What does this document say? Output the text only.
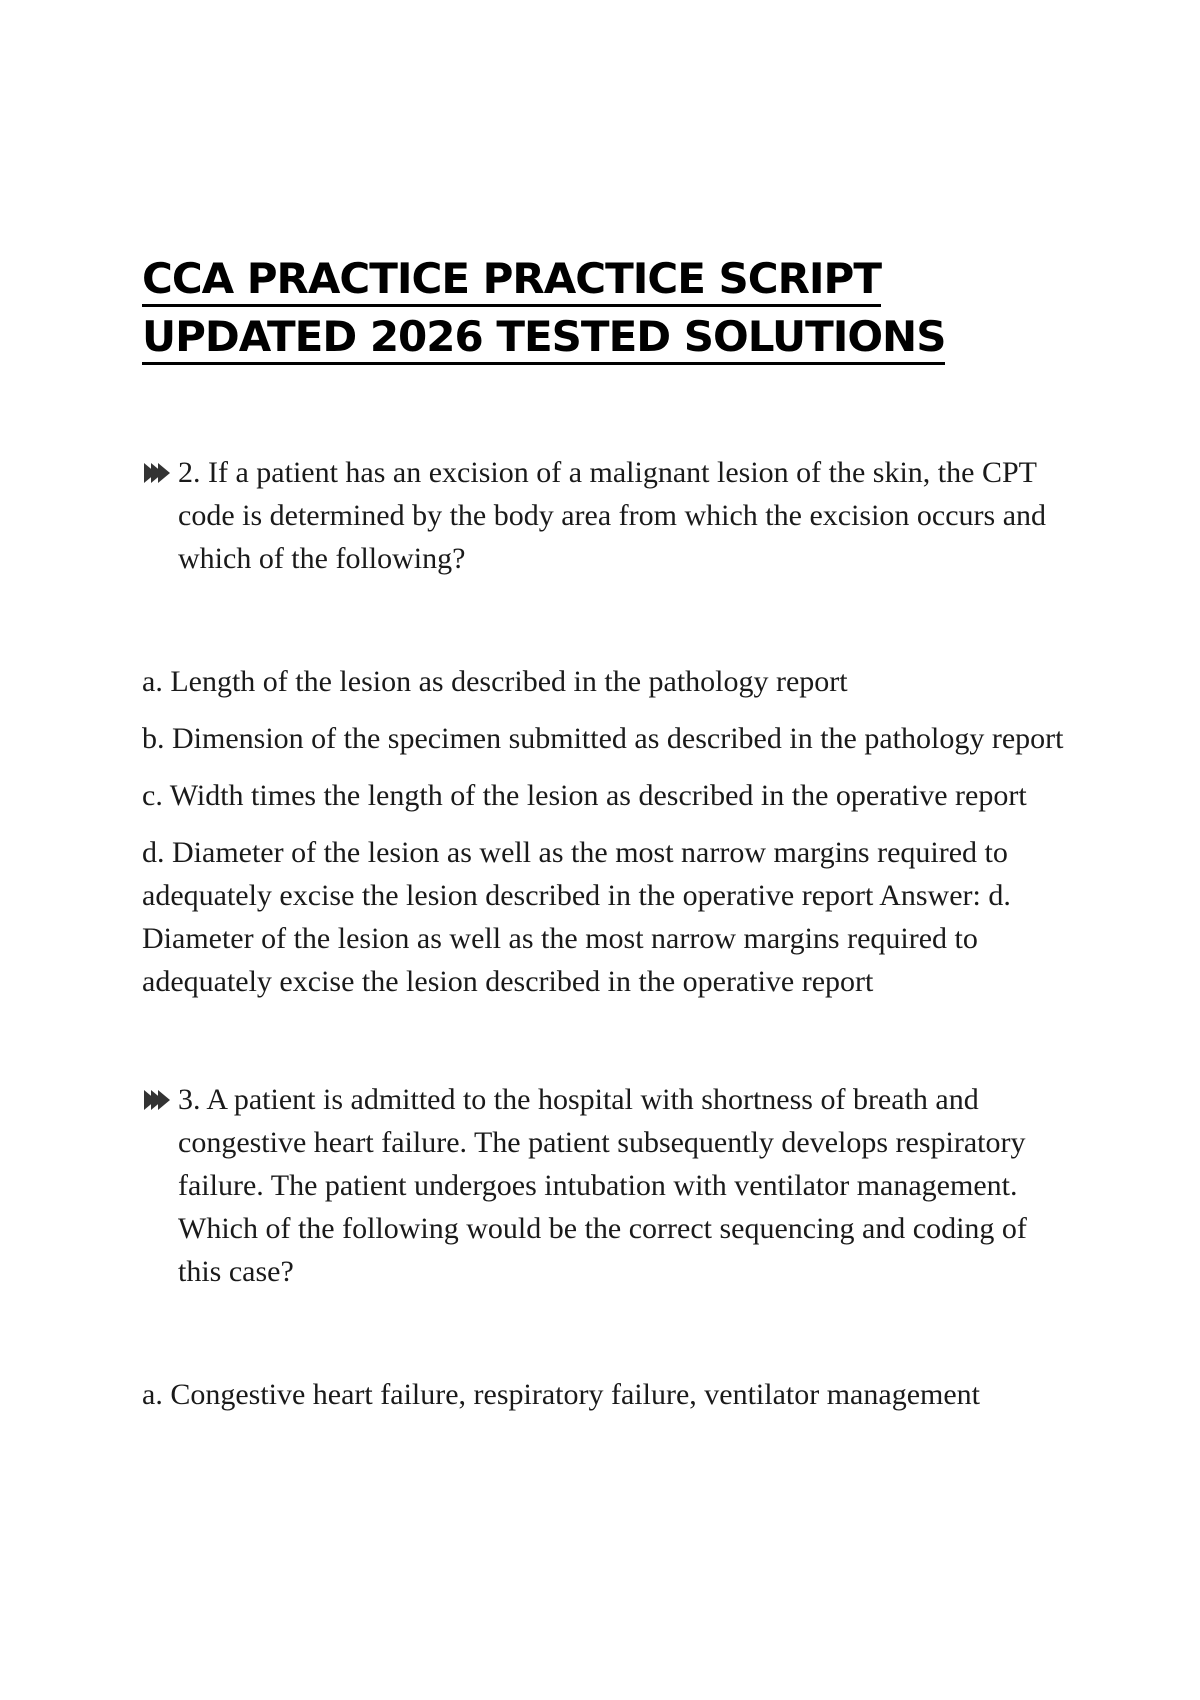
CCA PRACTICE PRACTICE SCRIPT
UPDATED 2026 TESTED SOLUTIONS

2. If a patient has an excision of a malignant lesion of the skin, the CPT code is determined by the body area from which the excision occurs and which of the following?

a. Length of the lesion as described in the pathology report

b. Dimension of the specimen submitted as described in the pathology report

c. Width times the length of the lesion as described in the operative report

d. Diameter of the lesion as well as the most narrow margins required to adequately excise the lesion described in the operative report Answer: d. Diameter of the lesion as well as the most narrow margins required to adequately excise the lesion described in the operative report

3. A patient is admitted to the hospital with shortness of breath and congestive heart failure. The patient subsequently develops respiratory failure. The patient undergoes intubation with ventilator management. Which of the following would be the correct sequencing and coding of this case?

a. Congestive heart failure, respiratory failure, ventilator management
